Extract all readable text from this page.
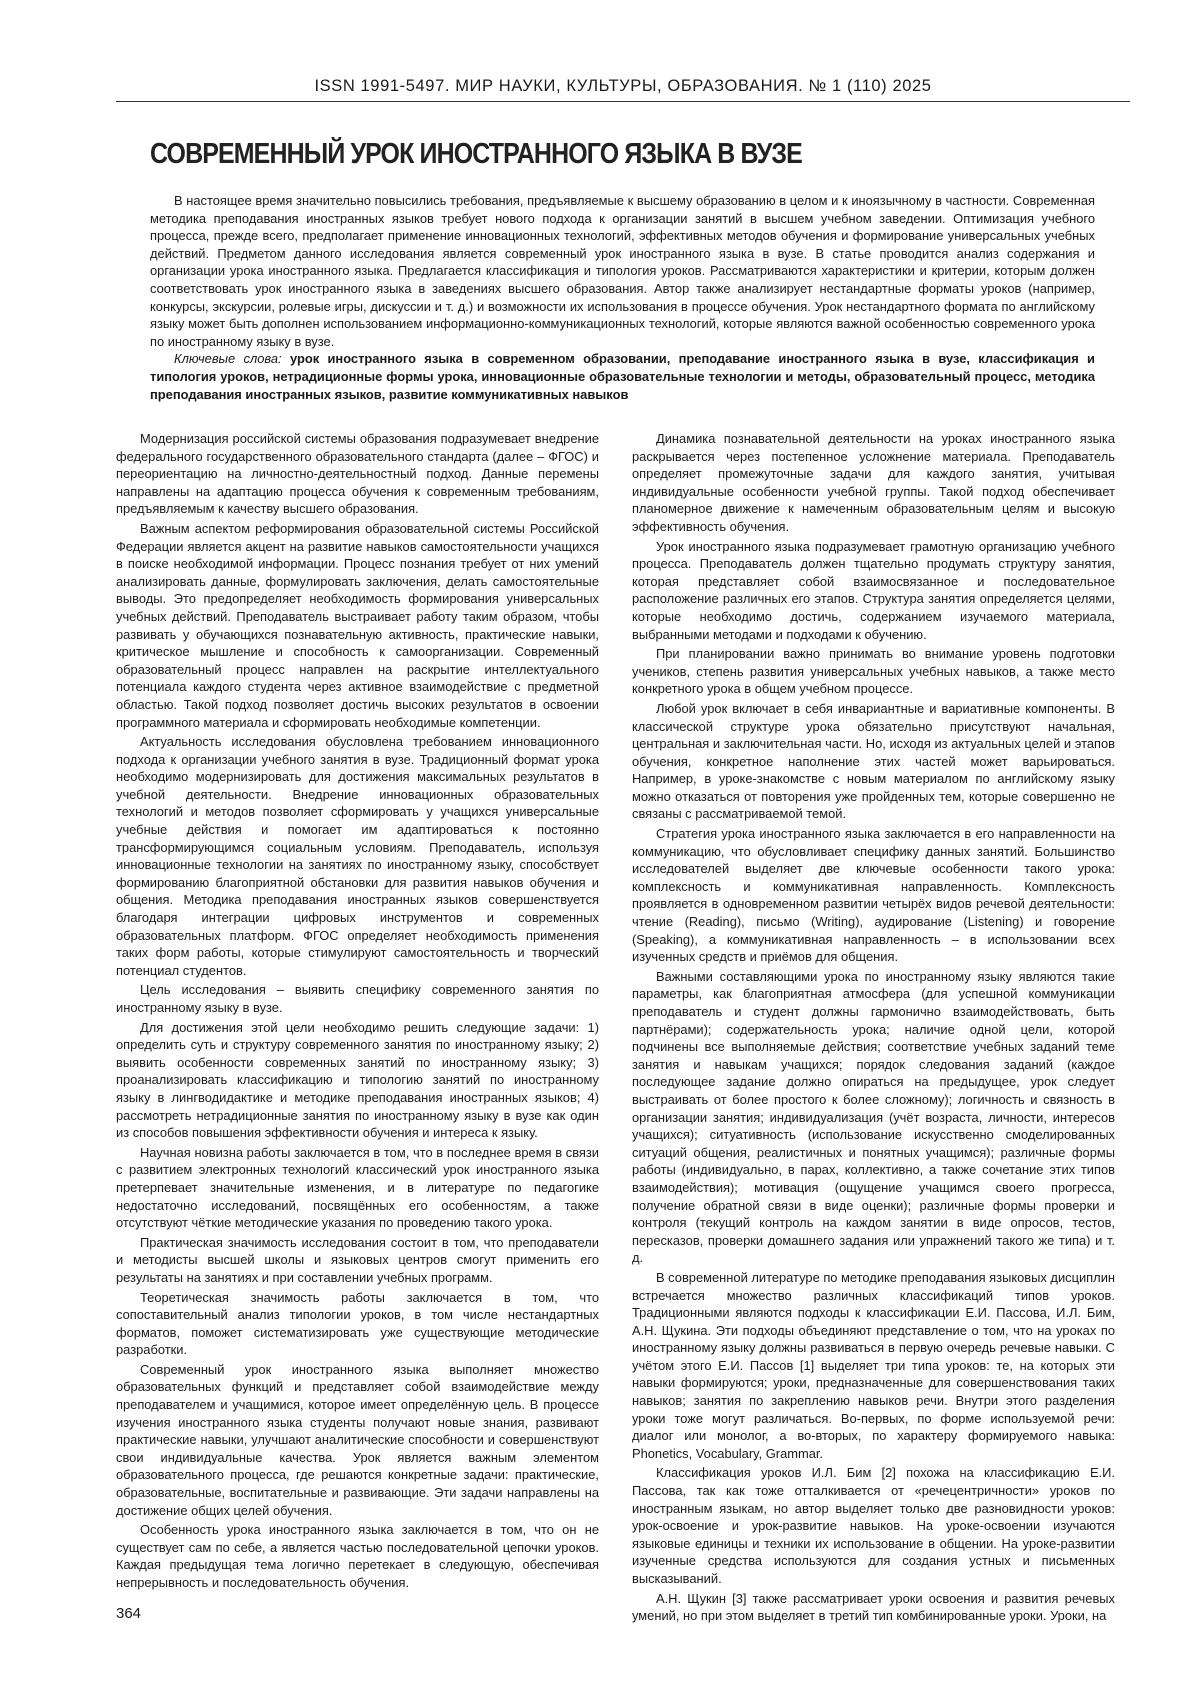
ISSN 1991-5497. МИР НАУКИ, КУЛЬТУРЫ, ОБРАЗОВАНИЯ. № 1 (110) 2025
СОВРЕМЕННЫЙ УРОК ИНОСТРАННОГО ЯЗЫКА В ВУЗЕ

В настоящее время значительно повысились требования, предъявляемые к высшему образованию в целом и к иноязычному в частности. Современная методика преподавания иностранных языков требует нового подхода к организации занятий в высшем учебном заведении. Оптимизация учебного процесса, прежде всего, предполагает применение инновационных технологий, эффективных методов обучения и формирование универсальных учебных действий. Предметом данного исследования является современный урок иностранного языка в вузе. В статье проводится анализ содержания и организации урока иностранного языка. Предлагается классификация и типология уроков. Рассматриваются характеристики и критерии, которым должен соответствовать урок иностранного языка в заведениях высшего образования. Автор также анализирует нестандартные форматы уроков (например, конкурсы, экскурсии, ролевые игры, дискуссии и т. д.) и возможности их использования в процессе обучения. Урок нестандартного формата по английскому языку может быть дополнен использованием информационно-коммуникационных технологий, которые являются важной особенностью современного урока по иностранному языку в вузе.

Ключевые слова: урок иностранного языка в современном образовании, преподавание иностранного языка в вузе, классификация и типология уроков, нетрадиционные формы урока, инновационные образовательные технологии и методы, образовательный процесс, методика преподавания иностранных языков, развитие коммуникативных навыков

Модернизация российской системы образования подразумевает внедрение федерального государственного образовательного стандарта (далее – ФГОС) и переориентацию на личностно-деятельностный подход. Данные перемены направлены на адаптацию процесса обучения к современным требованиям, предъявляемым к качеству высшего образования.

Важным аспектом реформирования образовательной системы Российской Федерации является акцент на развитие навыков самостоятельности учащихся в поиске необходимой информации. Процесс познания требует от них умений анализировать данные, формулировать заключения, делать самостоятельные выводы. Это предопределяет необходимость формирования универсальных учебных действий. Преподаватель выстраивает работу таким образом, чтобы развивать у обучающихся познавательную активность, практические навыки, критическое мышление и способность к самоорганизации. Современный образовательный процесс направлен на раскрытие интеллектуального потенциала каждого студента через активное взаимодействие с предметной областью. Такой подход позволяет достичь высоких результатов в освоении программного материала и сформировать необходимые компетенции.

Актуальность исследования обусловлена требованием инновационного подхода к организации учебного занятия в вузе. Традиционный формат урока необходимо модернизировать для достижения максимальных результатов в учебной деятельности. Внедрение инновационных образовательных технологий и методов позволяет сформировать у учащихся универсальные учебные действия и помогает им адаптироваться к постоянно трансформирующимся социальным условиям. Преподаватель, используя инновационные технологии на занятиях по иностранному языку, способствует формированию благоприятной обстановки для развития навыков обучения и общения. Методика преподавания иностранных языков совершенствуется благодаря интеграции цифровых инструментов и современных образовательных платформ. ФГОС определяет необходимость применения таких форм работы, которые стимулируют самостоятельность и творческий потенциал студентов.

Цель исследования – выявить специфику современного занятия по иностранному языку в вузе.

Для достижения этой цели необходимо решить следующие задачи: 1) определить суть и структуру современного занятия по иностранному языку; 2) выявить особенности современных занятий по иностранному языку; 3) проанализировать классификацию и типологию занятий по иностранному языку в лингводидактике и методике преподавания иностранных языков; 4) рассмотреть нетрадиционные занятия по иностранному языку в вузе как один из способов повышения эффективности обучения и интереса к языку.

Научная новизна работы заключается в том, что в последнее время в связи с развитием электронных технологий классический урок иностранного языка претерпевает значительные изменения, и в литературе по педагогике недостаточно исследований, посвящённых его особенностям, а также отсутствуют чёткие методические указания по проведению такого урока.

Практическая значимость исследования состоит в том, что преподаватели и методисты высшей школы и языковых центров смогут применить его результаты на занятиях и при составлении учебных программ.

Теоретическая значимость работы заключается в том, что сопоставительный анализ типологии уроков, в том числе нестандартных форматов, поможет систематизировать уже существующие методические разработки.

Современный урок иностранного языка выполняет множество образовательных функций и представляет собой взаимодействие между преподавателем и учащимися, которое имеет определённую цель. В процессе изучения иностранного языка студенты получают новые знания, развивают практические навыки, улучшают аналитические способности и совершенствуют свои индивидуальные качества. Урок является важным элементом образовательного процесса, где решаются конкретные задачи: практические, образовательные, воспитательные и развивающие. Эти задачи направлены на достижение общих целей обучения.

Особенность урока иностранного языка заключается в том, что он не существует сам по себе, а является частью последовательной цепочки уроков. Каждая предыдущая тема логично перетекает в следующую, обеспечивая непрерывность и последовательность обучения.

Динамика познавательной деятельности на уроках иностранного языка раскрывается через постепенное усложнение материала. Преподаватель определяет промежуточные задачи для каждого занятия, учитывая индивидуальные особенности учебной группы. Такой подход обеспечивает планомерное движение к намеченным образовательным целям и высокую эффективность обучения.

Урок иностранного языка подразумевает грамотную организацию учебного процесса. Преподаватель должен тщательно продумать структуру занятия, которая представляет собой взаимосвязанное и последовательное расположение различных его этапов. Структура занятия определяется целями, которые необходимо достичь, содержанием изучаемого материала, выбранными методами и подходами к обучению.

При планировании важно принимать во внимание уровень подготовки учеников, степень развития универсальных учебных навыков, а также место конкретного урока в общем учебном процессе.

Любой урок включает в себя инвариантные и вариативные компоненты. В классической структуре урока обязательно присутствуют начальная, центральная и заключительная части. Но, исходя из актуальных целей и этапов обучения, конкретное наполнение этих частей может варьироваться. Например, в уроке-знакомстве с новым материалом по английскому языку можно отказаться от повторения уже пройденных тем, которые совершенно не связаны с рассматриваемой темой.

Стратегия урока иностранного языка заключается в его направленности на коммуникацию, что обусловливает специфику данных занятий. Большинство исследователей выделяет две ключевые особенности такого урока: комплексность и коммуникативная направленность. Комплексность проявляется в одновременном развитии четырёх видов речевой деятельности: чтение (Reading), письмо (Writing), аудирование (Listening) и говорение (Speaking), а коммуникативная направленность – в использовании всех изученных средств и приёмов для общения.

Важными составляющими урока по иностранному языку являются такие параметры, как благоприятная атмосфера (для успешной коммуникации преподаватель и студент должны гармонично взаимодействовать, быть партнёрами); содержательность урока; наличие одной цели, которой подчинены все выполняемые действия; соответствие учебных заданий теме занятия и навыкам учащихся; порядок следования заданий (каждое последующее задание должно опираться на предыдущее, урок следует выстраивать от более простого к более сложному); логичность и связность в организации занятия; индивидуализация (учёт возраста, личности, интересов учащихся); ситуативность (использование искусственно смоделированных ситуаций общения, реалистичных и понятных учащимся); различные формы работы (индивидуально, в парах, коллективно, а также сочетание этих типов взаимодействия); мотивация (ощущение учащимся своего прогресса, получение обратной связи в виде оценки); различные формы проверки и контроля (текущий контроль на каждом занятии в виде опросов, тестов, пересказов, проверки домашнего задания или упражнений такого же типа) и т. д.

В современной литературе по методике преподавания языковых дисциплин встречается множество различных классификаций типов уроков. Традиционными являются подходы к классификации Е.И. Пассова, И.Л. Бим, А.Н. Щукина. Эти подходы объединяют представление о том, что на уроках по иностранному языку должны развиваться в первую очередь речевые навыки. С учётом этого Е.И. Пассов [1] выделяет три типа уроков: те, на которых эти навыки формируются; уроки, предназначенные для совершенствования таких навыков; занятия по закреплению навыков речи. Внутри этого разделения уроки тоже могут различаться. Во-первых, по форме используемой речи: диалог или монолог, а во-вторых, по характеру формируемого навыка: Phonetics, Vocabulary, Grammar.

Классификация уроков И.Л. Бим [2] похожа на классификацию Е.И. Пассова, так как тоже отталкивается от «речецентричности» уроков по иностранным языкам, но автор выделяет только две разновидности уроков: урок-освоение и урок-развитие навыков. На уроке-освоении изучаются языковые единицы и техники их использование в общении. На уроке-развитии изученные средства используются для создания устных и письменных высказываний.

А.Н. Щукин [3] также рассматривает уроки освоения и развития речевых умений, но при этом выделяет в третий тип комбинированные уроки. Уроки, на

364
